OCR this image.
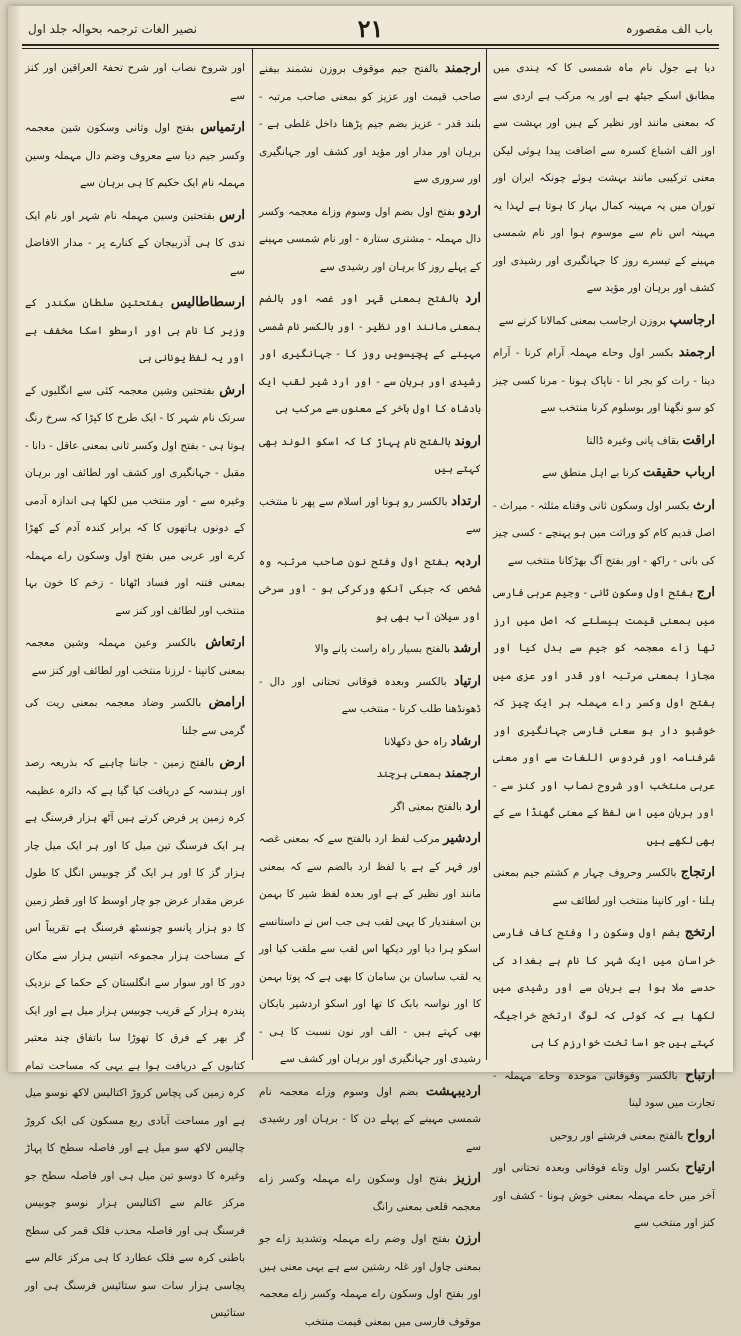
نصیر الغات ترجمہ بحوالہ جلد اول	۲۱	باب الف مقصورہ

دیا ہے جول نام ماہ شمسی کا کہ ہندی میں مطابق اسکے جیٹھ ہے اور یہ مرکب ہے اردی سے کہ بمعنی مانند اور نظیر کے ہیں اور بہشت سے اور الف اشباع کسرہ سے اضافت پیدا ہوئی لیکن معنی ترکیبی مانند بہشت ہوئے چونکہ ایران اور توران میں یہ مہینہ کمال بہار کا ہوتا ہے لہذا یہ مہینہ اس نام سے موسوم ہوا اور نام شمسی مہینے کے تیسرے روز کا جہانگیری اور رشیدی اور کشف اور برہان اور مؤید سے

ارجاسپ بروزن ارجاسب بمعنی کمالانا کرنے سے

ارجمند بکسر اول وحاے مہملہ آرام کرنا - آرام دینا - رات کو بجر انا - ناپاک ہونا - مرنا کسی چیز کو سو نگھنا اور بوسلوم کرنا منتخب سے

اراقت بقاف پانی وغیرہ ڈالنا

ارباب حقیقت کرنا بے اہل منطق سے

ارث بکسر اول وسکون ثانی وفتاے مثلثہ - میراث - اصل قدیم کام کو وراثت میں ہو پہنچے - کسی چیز کی بانی - راکھ - اور بفتح آگ بھڑکانا منتخب سے

ارج بفتح اول وسکون ثانی - وجیم عربی فارسی میں بمعنی قیمت ہیسلئے کہ اصل میں ارز تھا زاے معجمہ کو جیم سے بدل کیا اور مجازا بمعنی مرتبہ اور قدر اور عزی میں بفتح اول وکسر راے مہملہ ہر ایک چیز کہ خوشبو دار ہو سعنی فارسی جہانگیری اور شرفنامہ اور فردوس اللغات سے اور معنی عربی منتخب اور شروح نصاب اور کنز سے - اور برہان میں اس لفظ کے معنی گھنڈا سے کے بھی لکھے ہیں

ارتجاج بالکسر وحروف چہار م کشتم جیم بمعنی ہلنا - اور کانپنا منتخب اور لطائف سے

ارتخج بضم اول وسکون را وفتح کاف فارسی خراسان میں ایک شہر کا نام ہے بغداد کی حدسے ملا ہوا ہے برہان سے اور رشیدی میں لکھا ہے کہ کوئی کہ لوگ ارتخج خراجیگہ کہتے ہیں جو اسا تخت خوارزم کا ہی

ارتباح بالکسر وفوقانی موحدہ وحاے مہملہ - تجارت میں سود لینا

ارواح بالفتح بمعنی فرشتے اور روحیں

ارتیاح بکسر اول وتاے فوقانی وبعدہ تحتانی اور آخر میں حاے مہملہ بمعنی خوش ہونا - کشف اور کنز اور منتخب سے

ارجمند بالفتح جیم موقوف بروزن نشمند بیفنے صاحب قیمت اور عزیز کو بمعنی صاحب مرتبہ - بلند قدر - عزیز بضم جیم پڑھنا داخل غلطی ہے - برہان اور مدار اور مؤید اور کشف اور جہانگیری اور سروری سے

اردو بفتح اول بضم اول وسوم وزاے معجمہ وکسر دال مہملہ - مشتری ستارہ - اور نام شمسی مہینے کے پہلے روز کا برہان اور رشیدی سے

ارد بالفتح بمعنی قہر اور غصہ اور بالضم بمعنی مانند اور نظیر - اور بالکسر نام شمسی مہینے کے پچیسویں روز کا - جہانگیری اور رشیدی اور برہان سے - اور ارد شیر لقب ایک بادشاہ کا اول بآخر کے معنوں سے مرکب ہی

اروند بالفتح نام پہاڑ کا کہ اسکو الوند بھی کہتے ہیں

ارتداد بالکسر رو ہونا اور اسلام سے پھر نا منتخب سے

اردبہ بفتح اول وفتح نون صاحب مرتبہ وہ شخص کہ جبکی آنکھ ورکرکی ہو - اور سرخی اور سیلان آب بھی ہو

ارشد بالفتح بسیار راہ راست پانے والا

ارتیاد بالکسر وبعدہ فوقانی تحتانی اور دال - ڈھونڈھنا طلب کرنا - منتخب سے

ارشاد راہ حق دکھلانا

ارجمند بمعنی ہرچند

ارد بالفتح بمعنی اگر

اردشیر مرکب لفظ ارد بالفتح سے کہ بمعنی غصہ اور قہر کے ہے یا لفظ ارد بالضم سے کہ بمعنی مانند اور نظیر کے ہے اور بعدہ لفظ شیر کا بہمن بن اسفندیار کا یہی لقب ہی جب اس نے داستانسے اسکو ہرا دیا اور دیکھا اس لقب سے ملقب کیا اور یہ لقب ساسان بن سامان کا بھی ہے کہ پوتا بہمن کا اور نواسہ بابک کا تھا اور اسکو اردشیر بابکان بھی کہتے ہیں - الف اور نون نسبت کا ہی - رشیدی اور جہانگیری اور برہان اور کشف سے

اردیبہشت بضم اول وسوم وزاے معجمہ نام شمسی مہینے کے پہلے دن کا - برہان اور رشیدی سے

ارزیز بفتح اول وسکون راے مہملہ وکسر زاے معجمہ قلعی بمعنی رانگ

ارزن بفتح اول وضم راے مہملہ وتشدید زاے جو بمعنی چاول اور غلہ رشتین سے ہے یہی معنی ہیں اور بفتح اول وسکون راے مہملہ وکسر زاے معجمہ موقوف فارسی میں بمعنی قیمت منتخب

اور شروح نصاب اور شرح تحفۃ العراقین اور کنز سے

ارتمیاس بفتح اول وثانی وسکون شین معجمہ وکسر جیم دیا سے معروف وضم دال مہملہ وسین مہملہ نام ایک حکیم کا ہی برہان سے

ارس بفتحتین وسین مہملہ نام شہر اور نام ایک ندی کا ہی آذربیجان کے کنارے پر - مدار الافاضل سے

ارسطاطالیس بفتحتین سلطان سکندر کے وزیر کا نام ہی اور ارسطو اسکا مخفف ہے اور یہ لفظ یونانی ہی

ارش بفتحتین وشین معجمہ کئی سے انگلیوں کے سرتک نام شہر کا - ایک طرح کا کپڑا کہ سرخ رنگ ہوتا ہی - بفتح اول وکسر ثانی بمعنی عاقل - دانا - مقبل - جہانگیری اور کشف اور لطائف اور برہان وغیرہ سے - اور منتخب میں لکھا ہی اندازہ آدمی کے دونوں ہاتھوں کا کہ برابر کندہ آدم کے کھڑا کرے اور عربی میں بفتح اول وسکون راے مہملہ بمعنی فتنہ اور فساد اٹھانا - زخم کا خون بہا منتخب اور لطائف اور کنز سے

ارتعاش بالکسر وعین مہملہ وشین معجمہ بمعنی کانپنا - لرزنا منتخب اور لطائف اور کنز سے

ارامض بالکسر وضاد معجمہ بمعنی ریت کی گرمی سے جلنا

ارض بالفتح زمین - جاننا چاہیے کہ بذریعہ رصد اور ہندسہ کے دریافت کیا گیا ہے کہ دائرہ عظیمہ کرہ زمین پر فرض کرتے ہیں آٹھ ہزار فرسنگ ہے ہر ایک فرسنگ تین میل کا اور ہر ایک میل چار ہزار گز کا اور ہر ایک گز چوبیس انگل کا طول عرض مقدار عرض جو چار اوسط کا اور قطر زمین کا دو ہزار پانسو چونسٹھ فرسنگ ہے تقریباً اس کے مساحت ہزار مجموعہ انتیس ہزار سے مکان دور کا اور سوار سے انگلستان کے حکما کے نزدیک پندرہ ہزار کے قریب چوبیس ہزار میل ہے اور ایک گز بھر کے فرق کا تھوڑا سا باتفاق چند معتبر کتابوں کے دریافت ہوا ہے یہی کہ مساحت تمام کرہ زمین کی پچاس کروڑ اکتالیس لاکھ نوسو میل ہے اور مساحت آبادی ربع مسکون کی ایک کروڑ چالیس لاکھ سو میل ہے اور فاصلہ سطح کا پہاڑ وغیرہ کا دوسو تین میل ہی اور فاصلہ سطح جو مرکز عالم سے اکتالیس ہزار نوسو چوبیس فرسنگ ہی اور فاصلہ محدب فلک قمر کی سطح باطنی کرہ سے فلک عطارد کا ہی مرکز عالم سے پچاسی ہزار سات سو ستائیس فرسنگ ہی اور ستائیس
